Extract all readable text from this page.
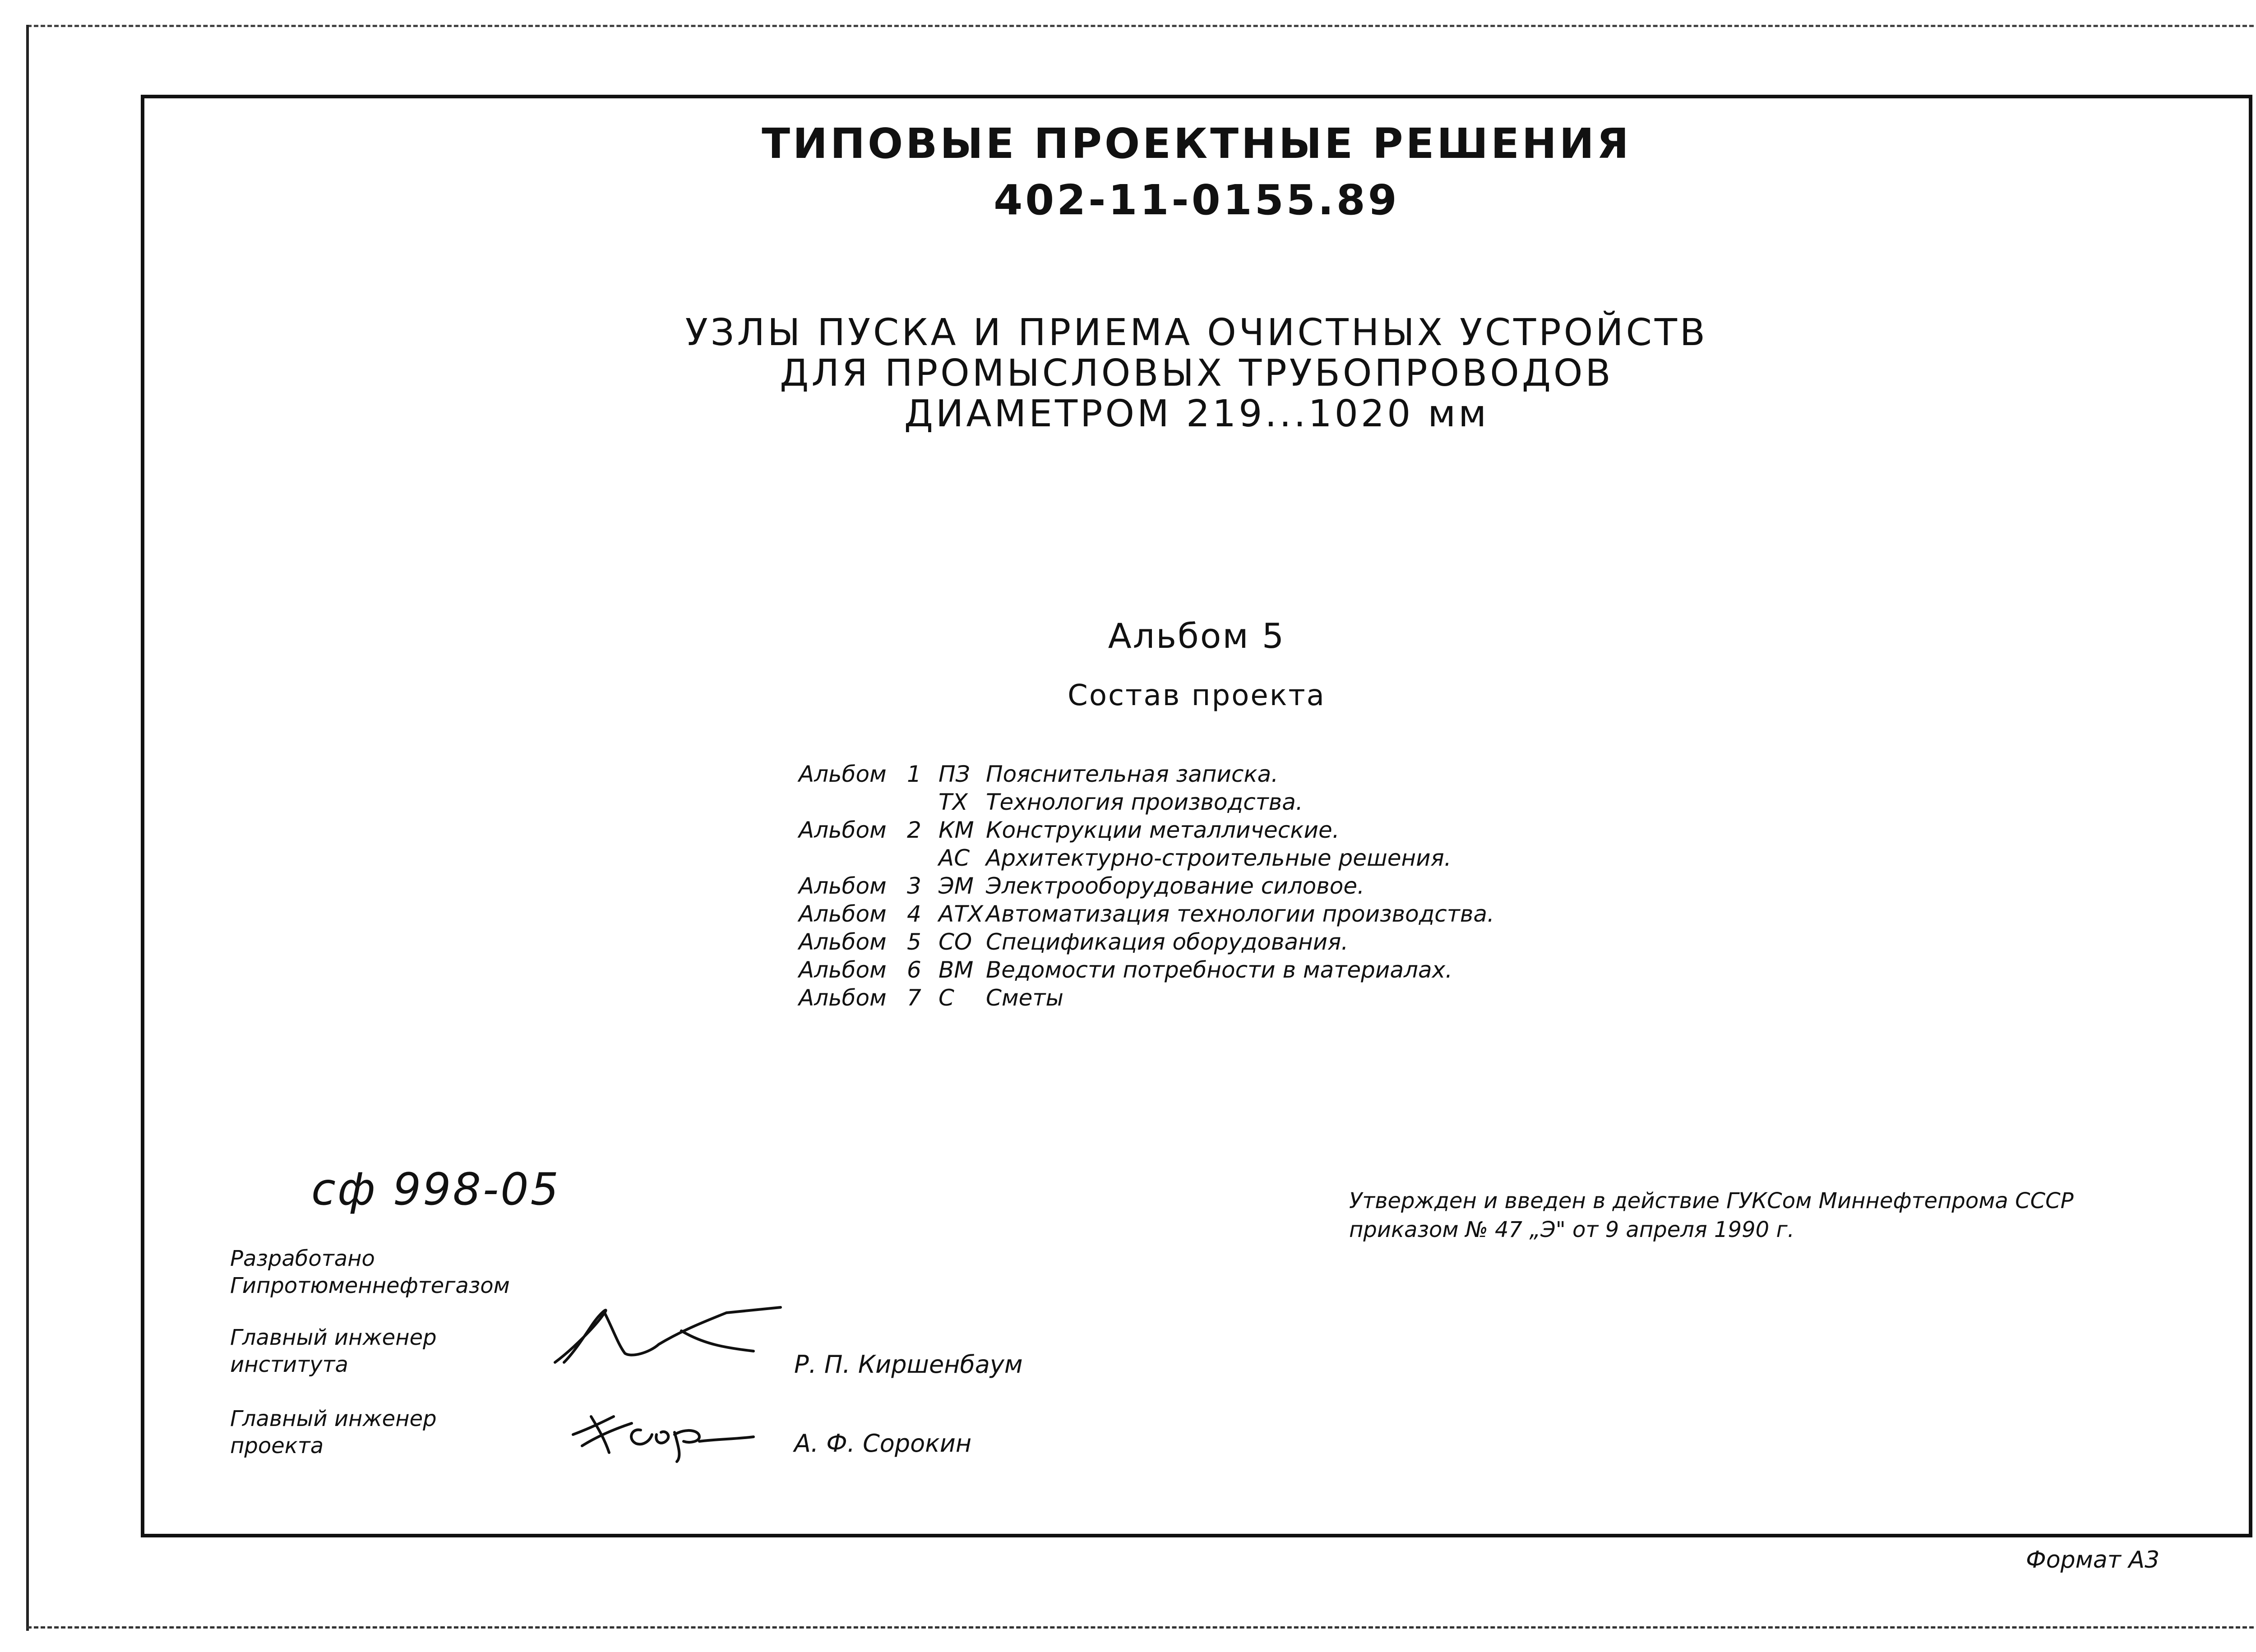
ТИПОВЫЕ ПРОЕКТНЫЕ РЕШЕНИЯ
402-11-0155.89
УЗЛЫ ПУСКА И ПРИЕМА ОЧИСТНЫХ УСТРОЙСТВ
ДЛЯ ПРОМЫСЛОВЫХ ТРУБОПРОВОДОВ
ДИАМЕТРОМ 219...1020 мм
Альбом 5
Состав проекта
Альбом 1 ПЗ Пояснительная записка.
ТХ Технология производства.
Альбом 2 КМ Конструкции металлические.
АС Архитектурно-строительные решения.
Альбом 3 ЭМ Электрооборудование силовое.
Альбом 4 АТХ Автоматизация технологии производства.
Альбом 5 СО Спецификация оборудования.
Альбом 6 ВМ Ведомости потребности в материалах.
Альбом 7 С	Сметы
сф 998-05	Утвержден и введен в действие ГУКСом Миннефтепрома СССР
приказом № 47 „Э" от 9 апреля 1990 г.
Разработано
Гипротюменнефтегазом
Главный инженер
института
Главный инженер
проекта
Р. П. Киршенбаум
А. Ф. Сорокин
Формат А3
